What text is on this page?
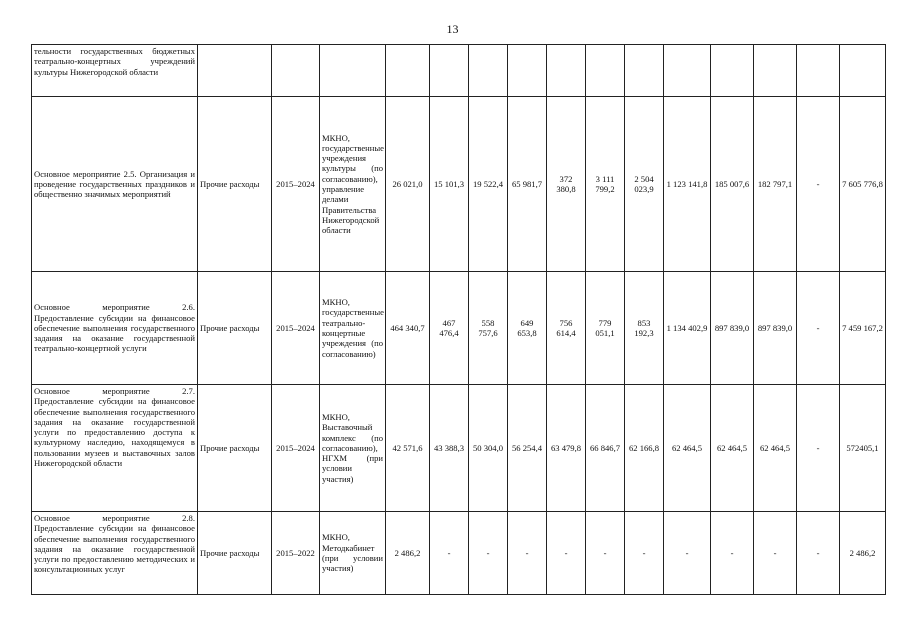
13
тельности государственных бюджетных театрально-концертных учреждений культуры Нижегородской области																
Основное мероприятие 2.5. Организация и проведение государственных праздников и общественно значимых мероприятий	Прочие расходы	2015–2024	МКНО, государственные учреждения культуры (по согласованию), управление делами Правительства Нижегородской области	26 021,0	15 101,3	19 522,4	65 981,7	372 380,8	3 111 799,2	2 504 023,9	1 123 141,8	185 007,6	182 797,1	-	7 605 776,8	
Основное мероприятие 2.6. Предоставление субсидии на финансовое обеспечение выполнения государственного задания на оказание государственной театрально-концертной услуги	Прочие расходы	2015–2024	МКНО, государственные театрально-концертные учреждения (по согласованию)	464 340,7	467 476,4	558 757,6	649 653,8	756 614,4	779 051,1	853 192,3	1 134 402,9	897 839,0	897 839,0	-	7 459 167,2	
Основное мероприятие 2.7. Предоставление субсидии на финансовое обеспечение выполнения государственного задания на оказание государственной услуги по предоставлению доступа к культурному наследию, находящемуся в пользовании музеев и выставочных залов Нижегородской области	Прочие расходы	2015–2024	МКНО, Выставочный комплекс (по согласованию), НГХМ (при условии участия)	42 571,6	43 388,3	50 304,0	56 254,4	63 479,8	66 846,7	62 166,8	62 464,5	62 464,5	62 464,5	-	572405,1	
Основное мероприятие 2.8. Предоставление субсидии на финансовое обеспечение выполнения государственного задания на оказание государственной услуги по предоставлению методических и консультационных услуг	Прочие расходы	2015–2022	МКНО, Методкабинет (при условии участия)	2 486,2	-	-	-	-	-	-	-	-	-	-	2 486,2	
